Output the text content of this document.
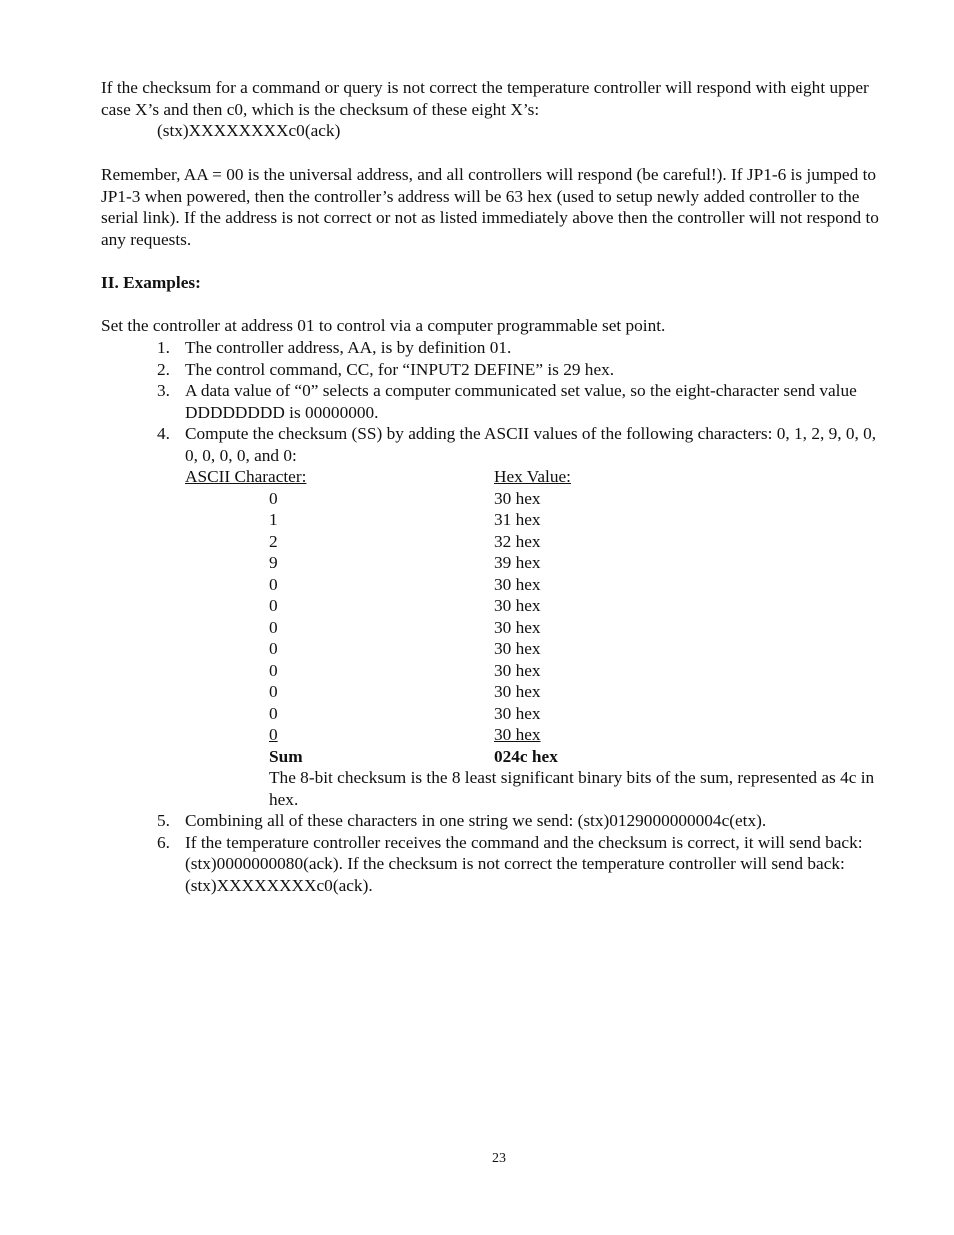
If the checksum for a command or query is not correct the temperature controller will respond with eight upper case X’s and then c0, which is the checksum of these eight X’s:

(stx)XXXXXXXXc0(ack)

Remember, AA = 00 is the universal address, and all controllers will respond (be careful!). If JP1-6 is jumped to JP1-3 when powered, then the controller’s address will be 63 hex (used to setup newly added controller to the serial link). If the address is not correct or not as listed immediately above then the controller will not respond to any requests.

II. Examples:

Set the controller at address 01 to control via a computer programmable set point.

1. The controller address, AA, is by definition 01.
2. The control command, CC, for “INPUT2 DEFINE” is 29 hex.
3. A data value of “0” selects a computer communicated set value, so the eight-character send value DDDDDDDD is 00000000.
4. Compute the checksum (SS) by adding the ASCII values of the following characters: 0, 1, 2, 9, 0, 0, 0, 0, 0, 0, and 0:
ASCII Character:	Hex Value:
0	30 hex
1	31 hex
2	32 hex
9	39 hex
0	30 hex
0	30 hex
0	30 hex
0	30 hex
0	30 hex
0	30 hex
0	30 hex
0	30 hex
Sum	024c hex
The 8-bit checksum is the 8 least significant binary bits of the sum, represented as 4c in hex.
5. Combining all of these characters in one string we send: (stx)0129000000004c(etx).
6. If the temperature controller receives the command and the checksum is correct, it will send back: (stx)0000000080(ack). If the checksum is not correct the temperature controller will send back: (stx)XXXXXXXXc0(ack).
23
